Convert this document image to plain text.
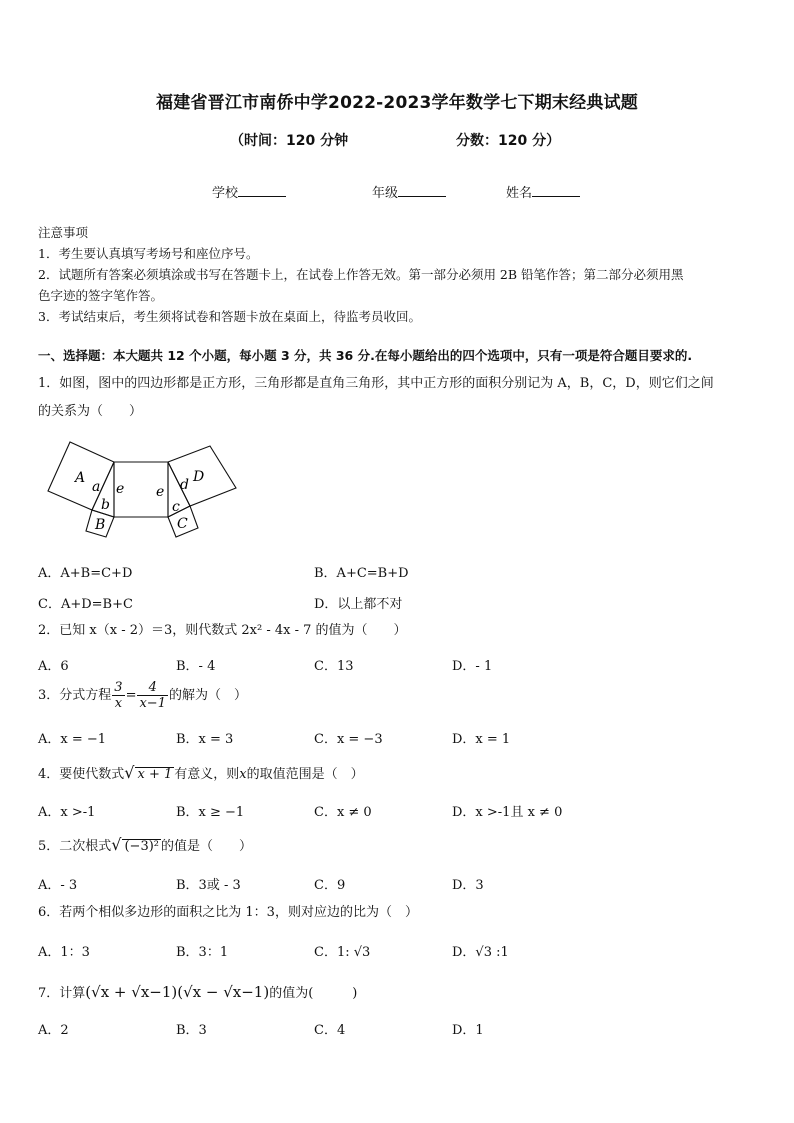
福建省晋江市南侨中学2022-2023学年数学七下期末经典试题
（时间：120 分钟	分数：120 分）
学校	年级	姓名
注意事项
1．考生要认真填写考场号和座位序号。
2．试题所有答案必须填涂或书写在答题卡上，在试卷上作答无效。第一部分必须用 2B 铅笔作答；第二部分必须用黑
色字迹的签字笔作答。
3．考试结束后，考生须将试卷和答题卡放在桌面上，待监考员收回。
一、选择题：本大题共 12 个小题，每小题 3 分，共 36 分.在每小题给出的四个选项中，只有一项是符合题目要求的.
1．如图，图中的四边形都是正方形，三角形都是直角三角形，其中正方形的面积分别记为 A，B，C，D，则它们之间
的关系为（　　）
A
a
b
B
e e d D
c
C
A．A+B=C+D	B．A+C=B+D
C．A+D=B+C	D．以上都不对
2．已知 x（x - 2）＝3，则代数式 2x² - 4x - 7 的值为（　　）
A．6	B．- 4	C．13	D．- 1
3．分式方程 $\frac{3}{x} = \frac{4}{x-1}$ 的解为（　）
A．x = −1	B．x = 3	C．x = −3	D．x = 1
4．要使代数式√ x + 1 有意义，则x的取值范围是（　）
A．x >-1	B．x ≥ −1	C．x ≠ 0	D．x >-1且 x ≠ 0
5．二次根式√ (−3)² 的值是（　　）
A．- 3	B．3或 - 3	C．9	D．3
6．若两个相似多边形的面积之比为 1：3，则对应边的比为（　）
A．1：3	B．3：1	C．1: √3	D．√3 :1
7．计算(√x + √x−1)(√x − √x−1)的值为(　　　)
A．2	B．3	C．4	D．1
